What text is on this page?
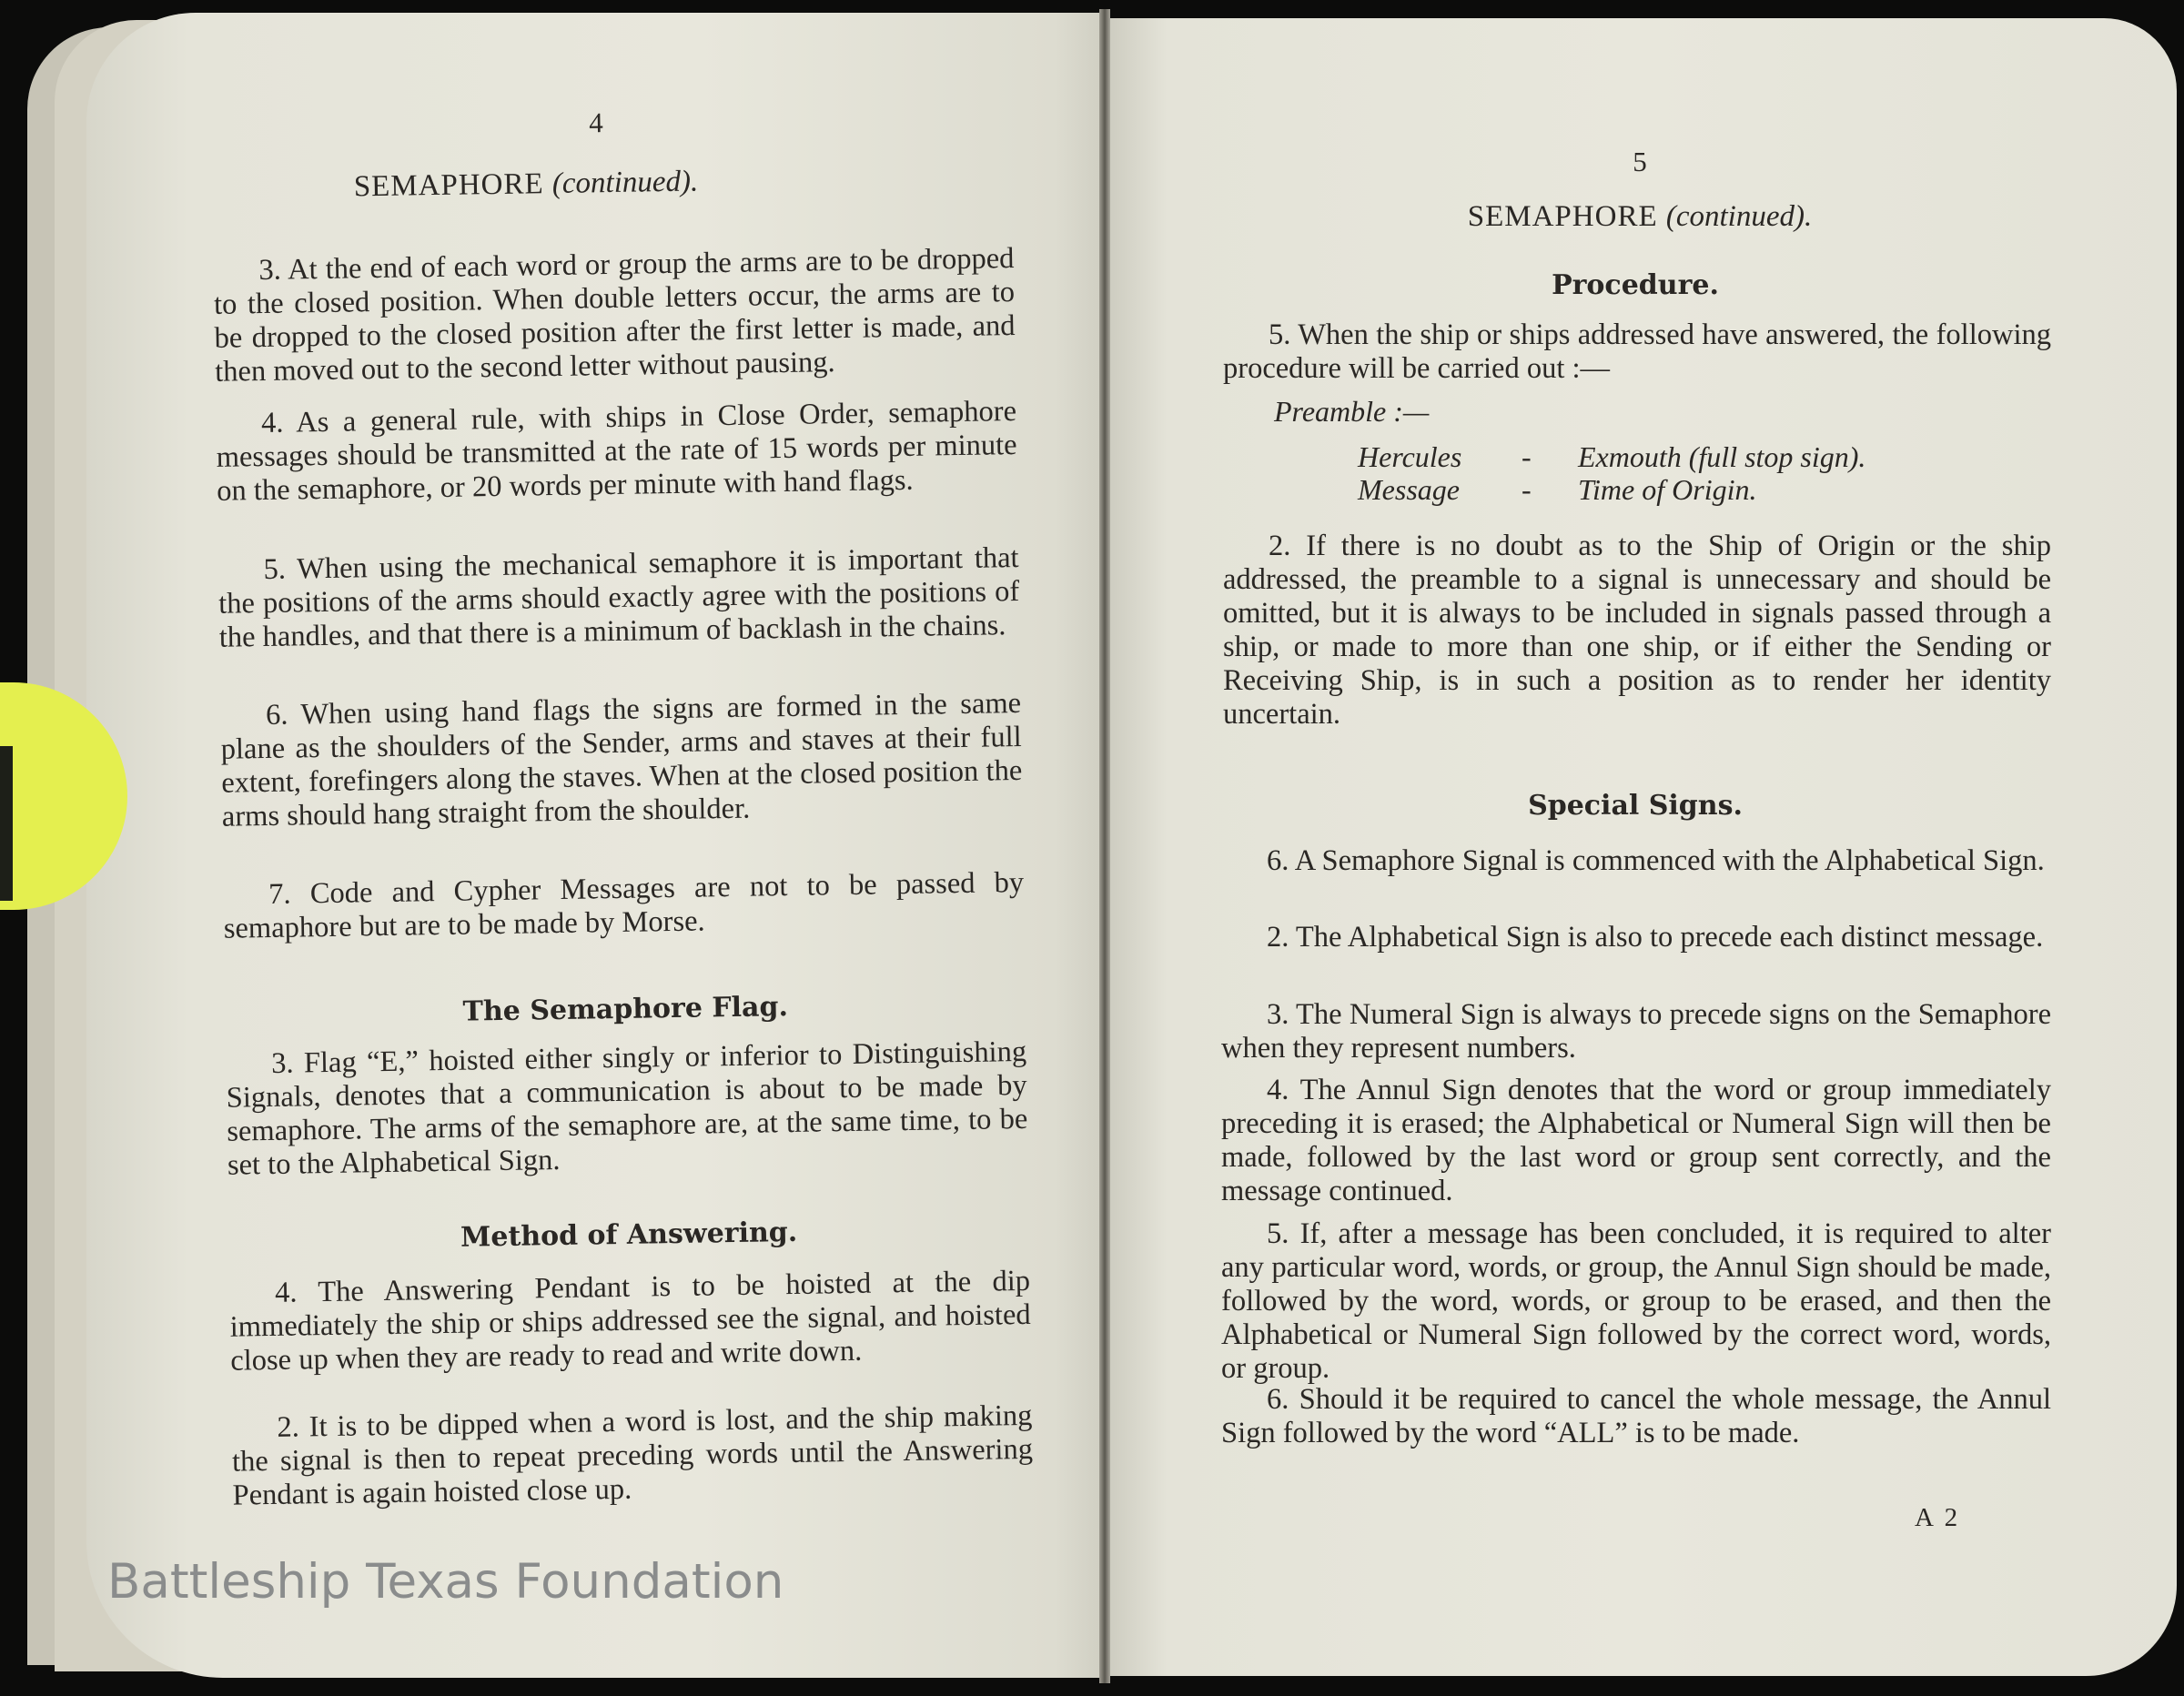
4
SEMAPHORE (continued).
3. At the end of each word or group the arms are to be dropped to the closed position. When double letters occur, the arms are to be dropped to the closed position after the first letter is made, and then moved out to the second letter without pausing.
4. As a general rule, with ships in Close Order, semaphore messages should be transmitted at the rate of 15 words per minute on the semaphore, or 20 words per minute with hand flags.
5. When using the mechanical semaphore it is important that the positions of the arms should exactly agree with the positions of the handles, and that there is a minimum of backlash in the chains.
6. When using hand flags the signs are formed in the same plane as the shoulders of the Sender, arms and staves at their full extent, forefingers along the staves. When at the closed position the arms should hang straight from the shoulder.
7. Code and Cypher Messages are not to be passed by semaphore but are to be made by Morse.
The Semaphore Flag.
3. Flag “E,” hoisted either singly or inferior to Distinguishing Signals, denotes that a communication is about to be made by semaphore. The arms of the semaphore are, at the same time, to be set to the Alphabetical Sign.
Method of Answering.
4. The Answering Pendant is to be hoisted at the dip immediately the ship or ships addressed see the signal, and hoisted close up when they are ready to read and write down.
2. It is to be dipped when a word is lost, and the ship making the signal is then to repeat preceding words until the Answering Pendant is again hoisted close up.
5
SEMAPHORE (continued).
Procedure.
5. When the ship or ships addressed have answered, the following procedure will be carried out :—
Preamble :—
Hercules - Exmouth (full stop sign).
Message - Time of Origin.
2. If there is no doubt as to the Ship of Origin or the ship addressed, the preamble to a signal is unnecessary and should be omitted, but it is always to be included in signals passed through a ship, or made to more than one ship, or if either the Sending or Receiving Ship, is in such a position as to render her identity uncertain.
Special Signs.
6. A Semaphore Signal is commenced with the Alphabetical Sign.
2. The Alphabetical Sign is also to precede each distinct message.
3. The Numeral Sign is always to precede signs on the Semaphore when they represent numbers.
4. The Annul Sign denotes that the word or group immediately preceding it is erased; the Alphabetical or Numeral Sign will then be made, followed by the last word or group sent correctly, and the message continued.
5. If, after a message has been concluded, it is required to alter any particular word, words, or group, the Annul Sign should be made, followed by the word, words, or group to be erased, and then the Alphabetical or Numeral Sign followed by the correct word, words, or group.
6. Should it be required to cancel the whole message, the Annul Sign followed by the word “ALL” is to be made.
A 2
Battleship Texas Foundation
